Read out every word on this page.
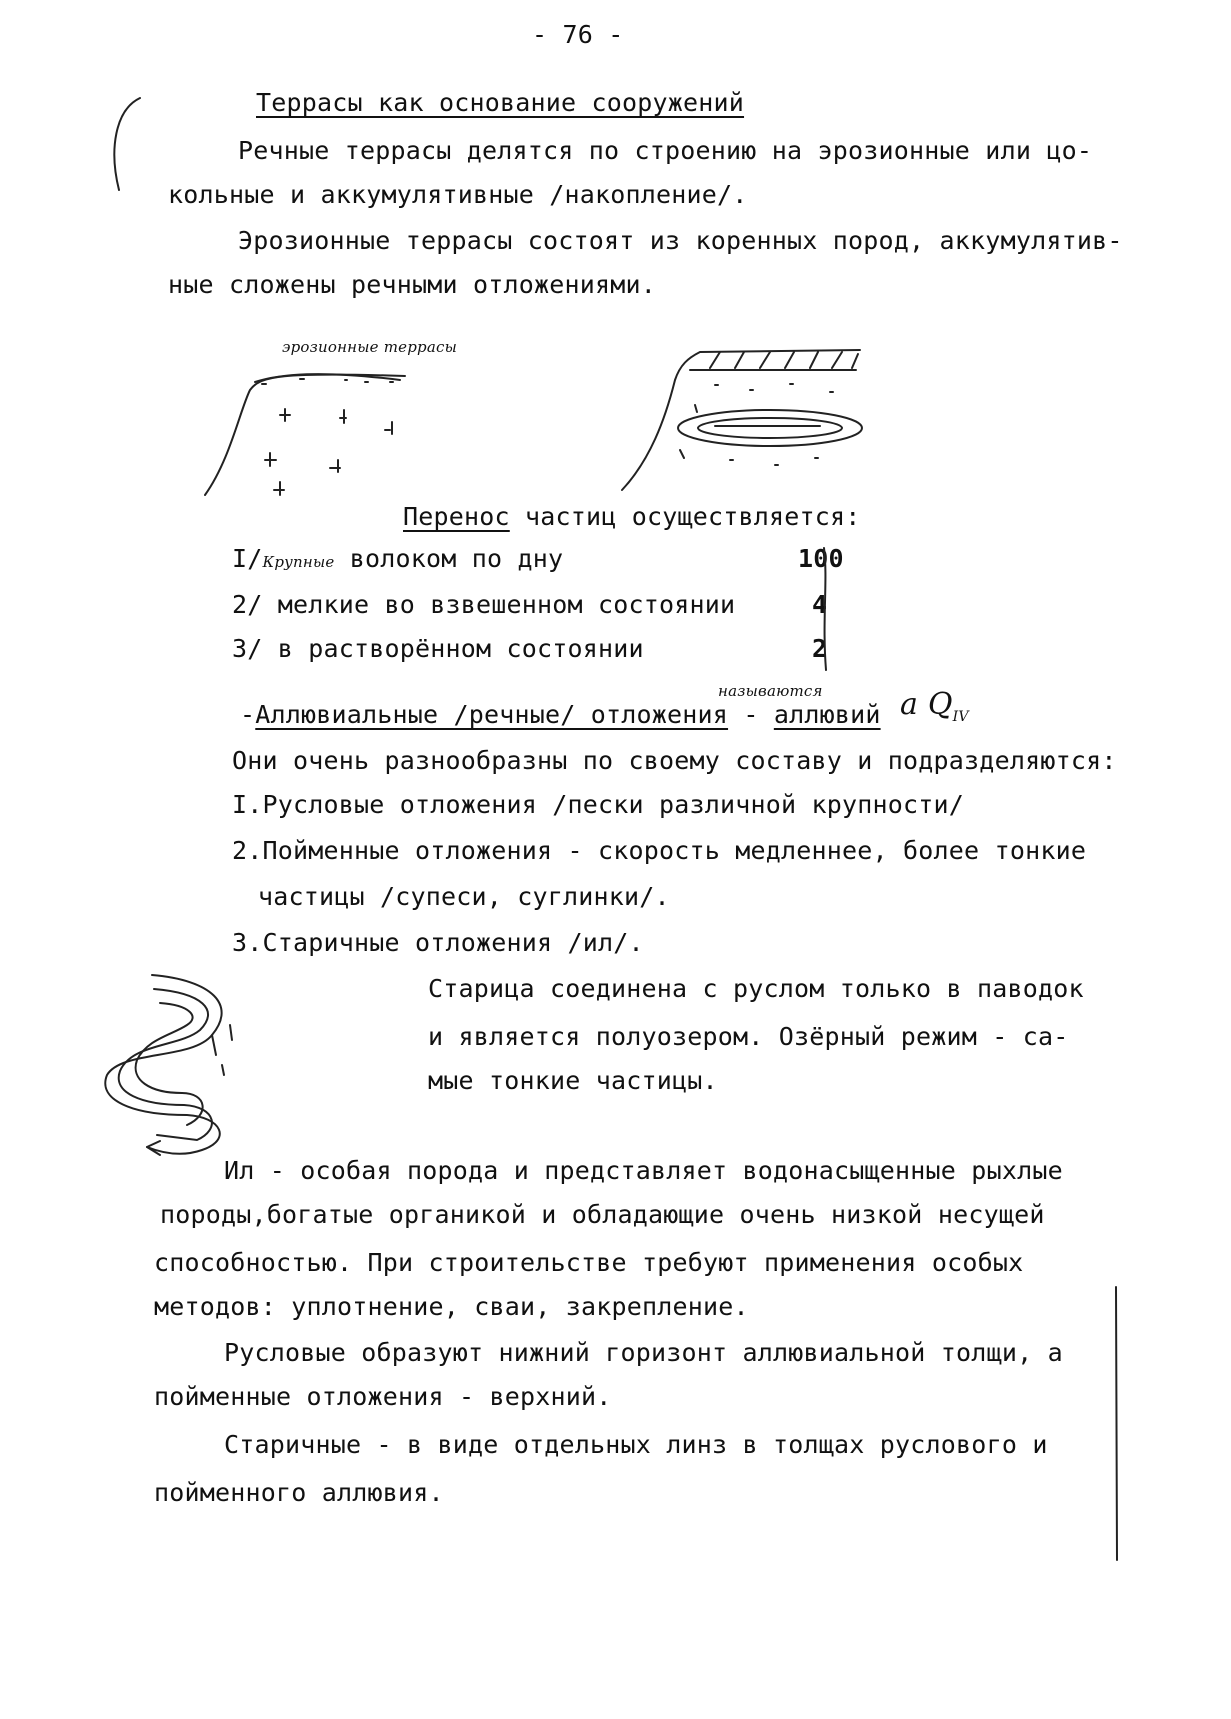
- 76 -
Террасы как основание сооружений
Речные террасы делятся по строению на эрозионные или цо-
кольные и аккумулятивные /накопление/.
Эрозионные террасы состоят из коренных пород, аккумулятив-
ные сложены речными отложениями.
эрозионные террасы
Перенос частиц осуществляется:
I/Крупные волоком по дну	100
2/ мелкие во взвешенном состоянии	4
3/ в растворённом состоянии	2
называются
-Аллювиальные /речные/ отложения - аллювий a $Q_{IV}$
Они очень разнообразны по своему составу и подразделяются:
I.Русловые отложения /пески различной крупности/
2.Пойменные отложения - скорость медленнее, более тонкие
частицы /супеси, суглинки/.
3.Старичные отложения /ил/.
Старица соединена с руслом только в паводок
и является полуозером. Озёрный режим - са-
мые тонкие частицы.
Ил - особая порода и представляет водонасыщенные рыхлые
породы,богатые органикой и обладающие очень низкой несущей
способностью. При строительстве требуют применения особых
методов: уплотнение, сваи, закрепление.
Русловые образуют нижний горизонт аллювиальной толщи, а
пойменные отложения - верхний.
Старичные - в виде отдельных линз в толщах руслового и
пойменного аллювия.
